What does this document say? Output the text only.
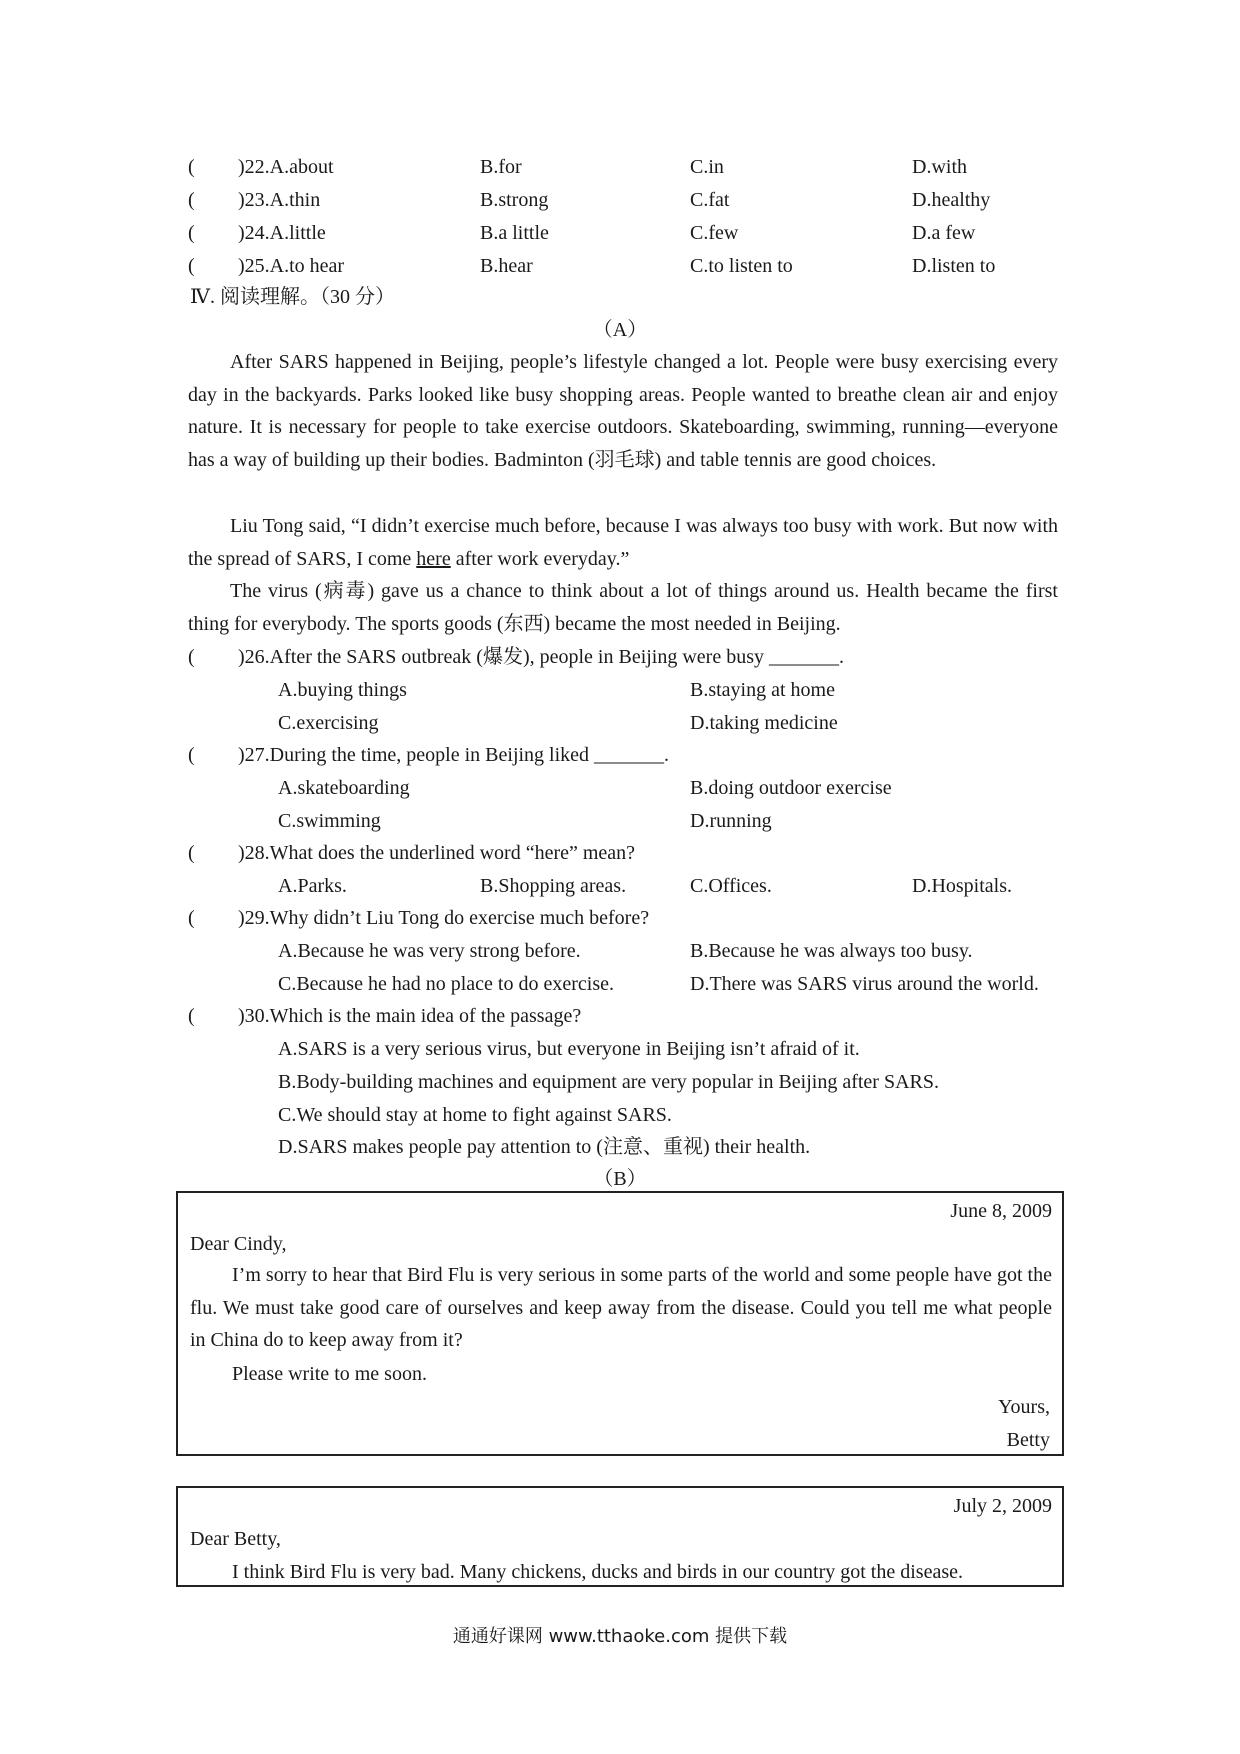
( )22.A.about	B.for	C.in	D.with
( )23.A.thin	B.strong	C.fat	D.healthy
( )24.A.little	B.a little	C.few	D.a few
( )25.A.to hear	B.hear	C.to listen to	D.listen to
Ⅳ. 阅读理解。（30 分）
（A）
After SARS happened in Beijing, people’s lifestyle changed a lot. People were busy exercising every day in the backyards. Parks looked like busy shopping areas. People wanted to breathe clean air and enjoy nature. It is necessary for people to take exercise outdoors. Skateboarding, swimming, running—everyone has a way of building up their bodies. Badminton (羽毛球) and table tennis are good choices.
Liu Tong said, “I didn’t exercise much before, because I was always too busy with work. But now with the spread of SARS, I come here after work everyday.”
The virus (病毒) gave us a chance to think about a lot of things around us. Health became the first thing for everybody. The sports goods (东西) became the most needed in Beijing.
( )26.After the SARS outbreak (爆发), people in Beijing were busy _______.
A.buying things	B.staying at home
C.exercising	D.taking medicine
( )27.During the time, people in Beijing liked _______.
A.skateboarding	B.doing outdoor exercise
C.swimming	D.running
( )28.What does the underlined word “here” mean?
A.Parks.	B.Shopping areas.	C.Offices.	D.Hospitals.
( )29.Why didn’t Liu Tong do exercise much before?
A.Because he was very strong before.	B.Because he was always too busy.
C.Because he had no place to do exercise.	D.There was SARS virus around the world.
( )30.Which is the main idea of the passage?
A.SARS is a very serious virus, but everyone in Beijing isn’t afraid of it.
B.Body-building machines and equipment are very popular in Beijing after SARS.
C.We should stay at home to fight against SARS.
D.SARS makes people pay attention to (注意、重视) their health.
（B）
June 8, 2009
Dear Cindy,
I’m sorry to hear that Bird Flu is very serious in some parts of the world and some people have got the flu. We must take good care of ourselves and keep away from the disease. Could you tell me what people in China do to keep away from it?
Please write to me soon.
Yours,
Betty
July 2, 2009
Dear Betty,
I think Bird Flu is very bad. Many chickens, ducks and birds in our country got the disease.
通通好课网 www.tthaoke.com 提供下载
